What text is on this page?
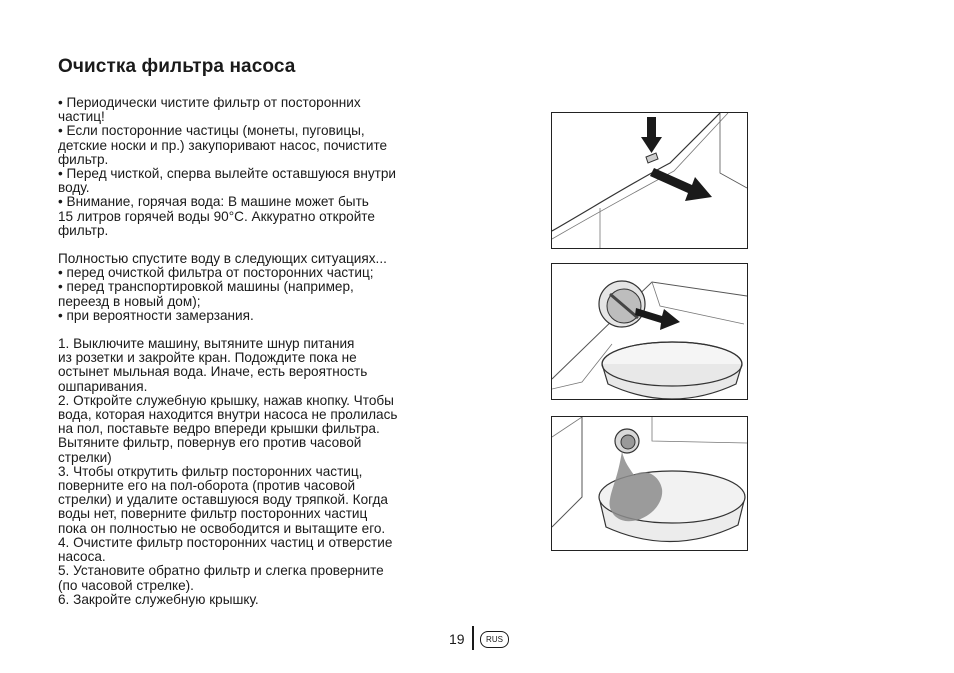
Очистка фильтра насоса

• Периодически чистите фильтр от посторонних

частиц!

• Если посторонние частицы (монеты, пуговицы,

детские носки и пр.) закупоривают насос, почистите

фильтр.

• Перед чисткой, сперва вылейте оставшуюся внутри

воду.

• Внимание, горячая вода: В машине может быть

15 литров горячей воды 90°С. Аккуратно откройте

фильтр.

Полностью спустите воду в следующих ситуациях...

• перед очисткой фильтра от посторонних частиц;

• перед транспортировкой машины (например,

переезд в новый дом);

• при вероятности замерзания.

1. Выключите машину, вытяните шнур питания

из розетки и закройте кран. Подождите пока не

остынет мыльная вода. Иначе, есть вероятность

ошпаривания.

2. Откройте служебную крышку, нажав кнопку. Чтобы

вода, которая находится внутри насоса не пролилась

на пол, поставьте ведро впереди крышки фильтра.

Вытяните фильтр, повернув его против часовой

стрелки)

3. Чтобы открутить фильтр посторонних частиц,

поверните его на пол-оборота (против часовой

стрелки) и удалите оставшуюся воду тряпкой. Когда

воды нет, поверните фильтр посторонних частиц

пока он полностью не освободится и вытащите его.

4. Очистите фильтр посторонних частиц и отверстие

насоса.

5. Установите обратно фильтр и слегка проверните

(по часовой стрелке).

6. Закройте служебную крышку.

19	RUS
